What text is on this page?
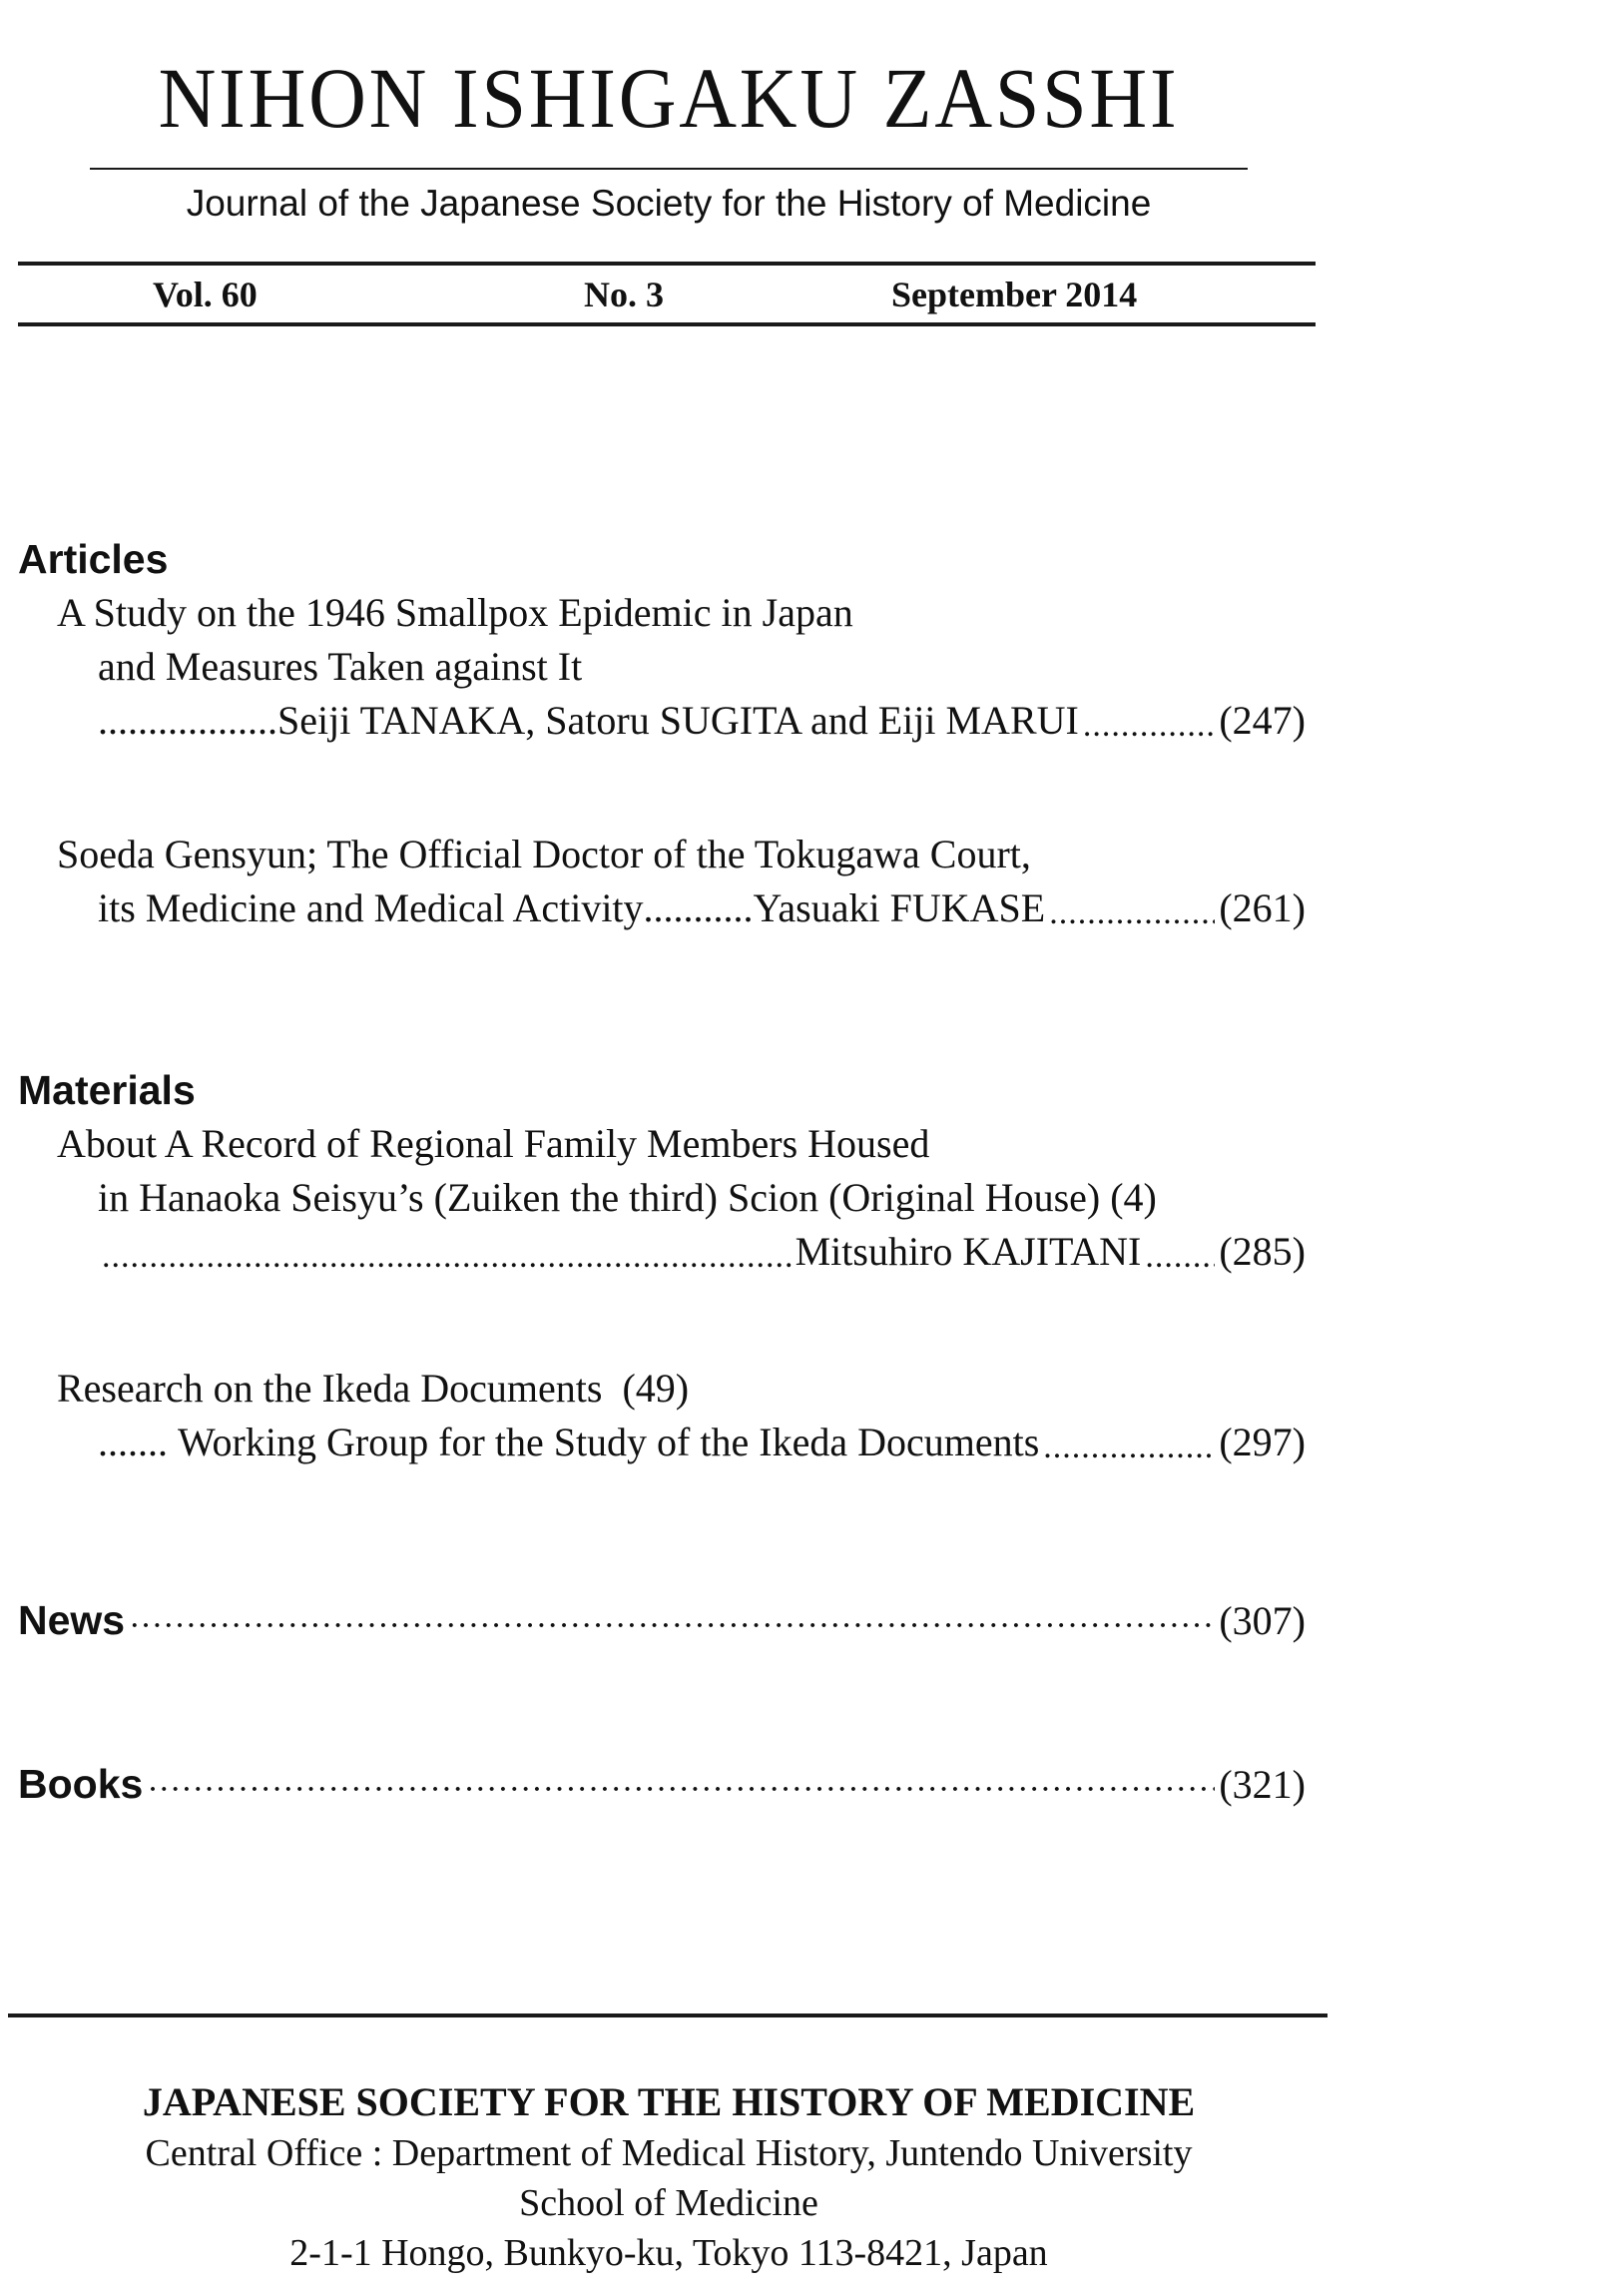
NIHON ISHIGAKU ZASSHI
Journal of the Japanese Society for the History of Medicine
Vol. 60	No. 3	September 2014
Articles
A Study on the 1946 Smallpox Epidemic in Japan
and Measures Taken against It
.................. Seiji TANAKA, Satoru SUGITA and Eiji MARUI .....	(247)
Soeda Gensyun; The Official Doctor of the Tokugawa Court,
its Medicine and Medical Activity ........... Yasuaki FUKASE .....	(261)
Materials
About A Record of Regional Family Members Housed
in Hanaoka Seisyu’s (Zuiken the third) Scion (Original House) (4)
.....
Mitsuhiro KAJITANI ..... (285)
Research on the Ikeda Documents (49)
....... Working Group for the Study of the Ikeda Documents .....	(297)
News ·····	(307)
Books ·····	(321)
JAPANESE SOCIETY FOR THE HISTORY OF MEDICINE
Central Office : Department of Medical History, Juntendo University
School of Medicine
2-1-1 Hongo, Bunkyo-ku, Tokyo 113-8421, Japan
